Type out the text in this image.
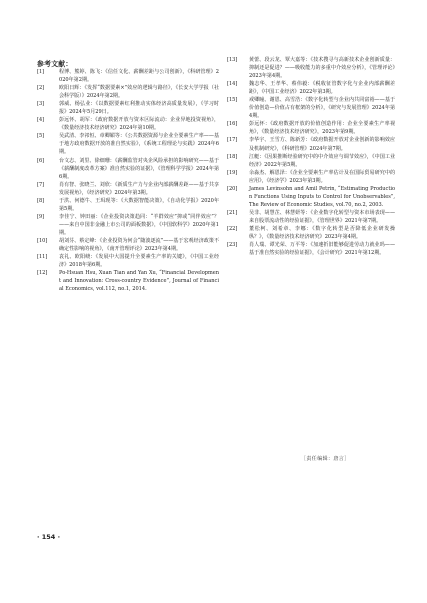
参考文献：
[1]	程博、熊婷、陈飞：《信任文化、薪酬差距与公司创新》，《科研管理》2020年第2期。
[2]	欧阳日辉：《发挥“数据要素×”效应的逻辑与路径》，《长安大学学报（社会科学版）》2024年第2期。
[3]	郭威、杨弘业：《以数据要素红利推动实体经济高质量发展》，《学习时报》2024年5月29日。
[4]	彭远怀、胡军：《政府数据开放与资本区际流动：企业异地投资视角》，《数量经济技术经济研究》2024年第10期。
[5]	吴武清、李祁恒、章卿媚等：《公共数据资源与企业全要素生产率——基于地方政府数据开放的准自然实验》，《系统工程理论与实践》2024年6期。
[6]	台文志、刘里、徐细珊：《薪酬监管对央企风险承担的影响研究——基于《薪酬制度改革方案》准自然实验的证据》，《管理科学学报》2024年第6期。
[7]	肖有智、张晓兰、刘欣：《新质生产力与企业内部薪酬差距——基于共享发展视角》，《经济研究》2024年第3期。
[8]	于洪、何德牛、王珥现等：《大数据智能决策》，《自动化学报》2020年第5期。
[9]	李佳宁、钟田丽：《企业投资决策趋同：“羊群效应”抑或“同伴效应”？——来自中国非金融上市公司的面板数据》，《中国软科学》2020年第1期。
[10]	胡刘芬、蔡定峰：《企业投资为何会“随波逐流”——基于宏观经济政策不确定性影响的视角》，《南开管理评论》2023年第4期。
[11]	袁礼、欧阳峣：《发展中大国提升全要素生产率的关键》，《中国工业经济》2018年第6期。
[12]	Po-Hsuan Hsu, Xuan Tian and Yan Xu, “Financial Development and Innovation: Cross-country Evidence”, Journal of Financial Economics, vol.112, no.1, 2014.
[13]	黄蕾、段云龙、覃大嘉等：《技术搜寻与高新技术企业创新质量：抑制还是促进？——吸收能力的多重中介效应分析》，《管理评论》2023年第4期。
[14]	魏志华、王孝华、蔡伟毅：《税收征管数字化与企业内部薪酬差距》，《中国工业经济》2022年第3期。
[15]	戒卿瞳、谢恩、高雪浩：《数字化转型与企业内共同富裕——基于价值创造—价值占有框架的分析》，《研究与发展管理》2024年第4期。
[16]	彭远怀：《政府数据开放的价值创造作用：企业全要素生产率视角》，《数量经济技术经济研究》，2023年第9期。
[17]	李华宇、王雪方、陈新芳：《政府数据开放对企业创新的影响效应及机制研究》，《科研管理》2024年第7期。
[18]	江艇：《因果推断经验研究中的中介效应与调节效应》，《中国工业经济》2022年第5期。
[19]	余淼杰、解恩泽：《企业全要素生产率估计及在国际贸易研究中的应用》，《经济学》2023年第3期。
[20]	James Levinsohn and Amil Petrin, “Estimating Production Functions Using Inputs to Control for Unobservables”, The Review of Economic Studies, vol.70, no.2, 2003.
[21]	吴非、胡慧芷、林慧妍等：《企业数字化转型与资本市场表现——来自股票流动性的经验证据》，《管理世界》2021年第7期。
[22]	董松柯、刘希章、李娜：《数字化转型是否降低企业研发操纵？》，《数量经济技术经济研究》2023年第4期。
[23]	肖人瑞、谭光荣、万平等：《加速折旧能够促进劳动力就业吗——基于准自然实验的经验证据》，《会计研究》2021年第12期。
［责任编辑：唐言］
· 154 ·
